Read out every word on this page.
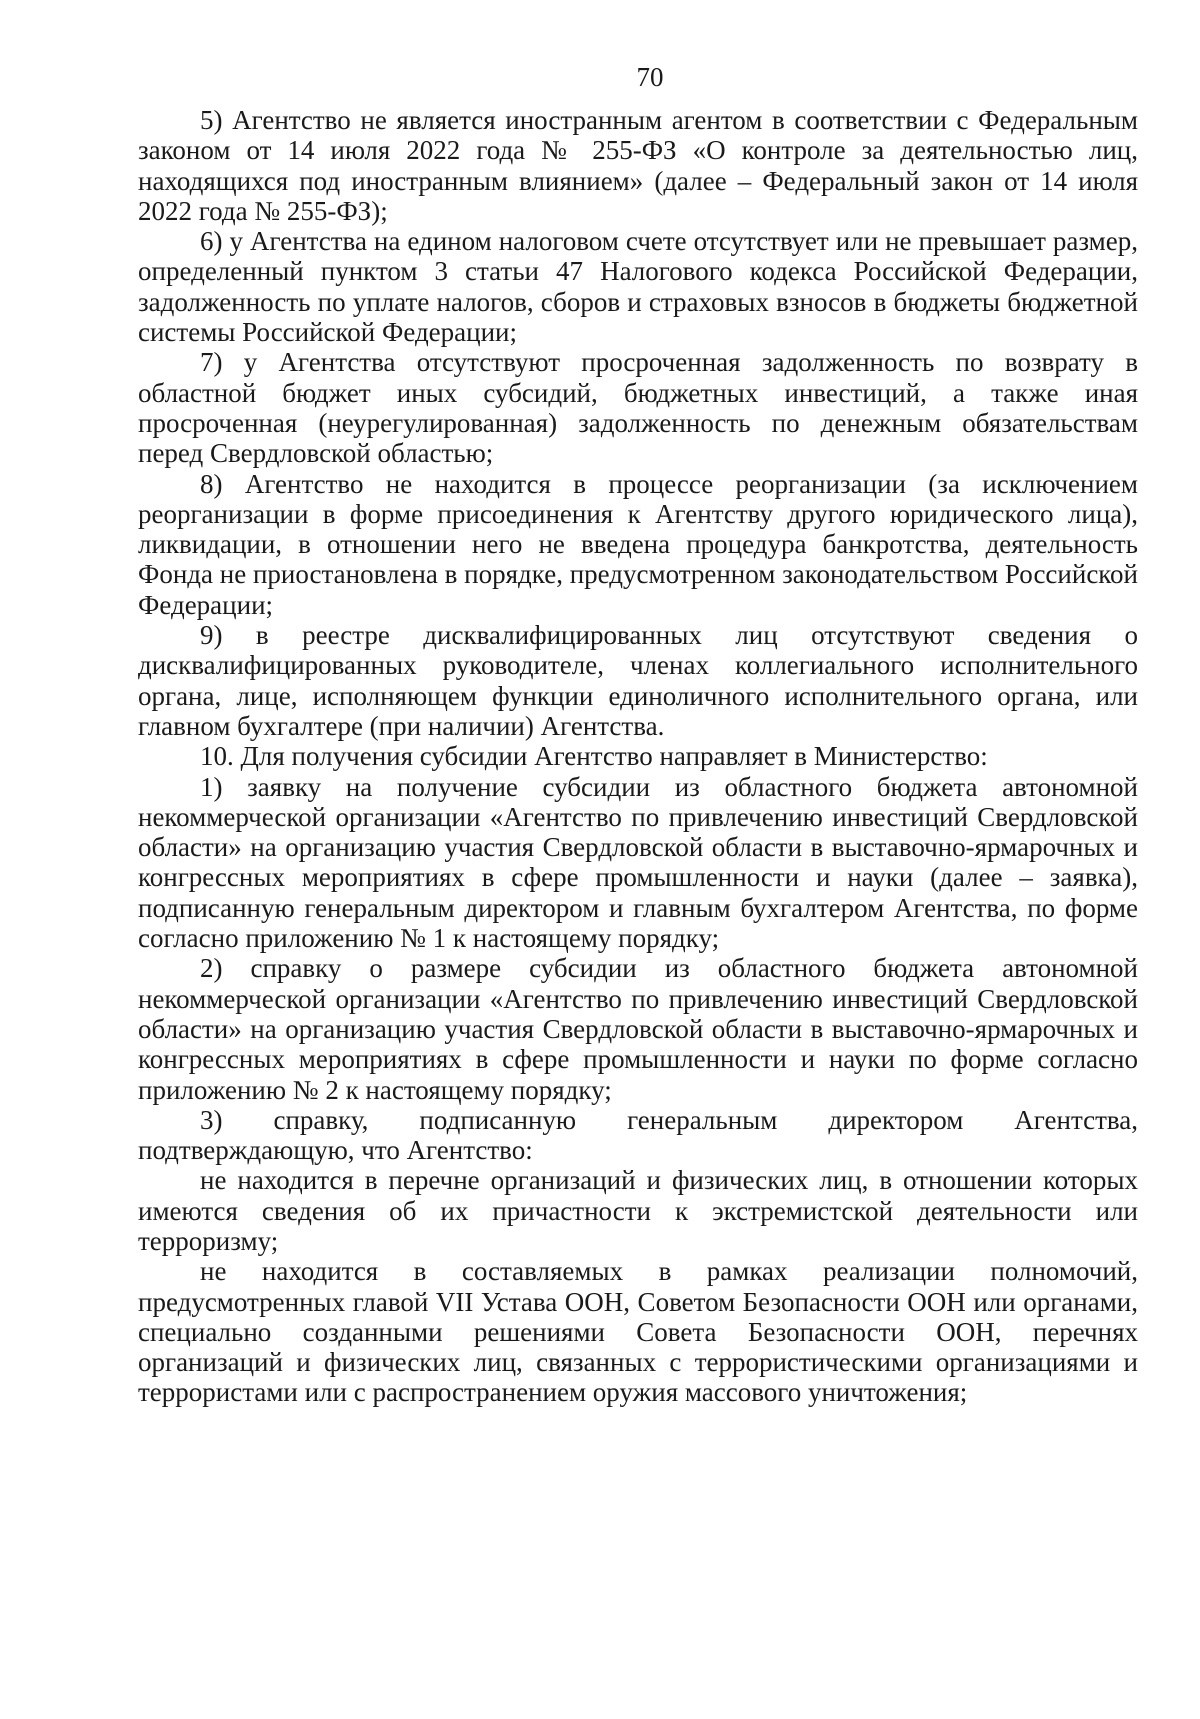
70

5) Агентство не является иностранным агентом в соответствии с Федеральным законом от 14 июля 2022 года № 255-ФЗ «О контроле за деятельностью лиц, находящихся под иностранным влиянием» (далее – Федеральный закон от 14 июля 2022 года № 255-ФЗ);

6) у Агентства на едином налоговом счете отсутствует или не превышает размер, определенный пунктом 3 статьи 47 Налогового кодекса Российской Федерации, задолженность по уплате налогов, сборов и страховых взносов в бюджеты бюджетной системы Российской Федерации;

7) у Агентства отсутствуют просроченная задолженность по возврату в областной бюджет иных субсидий, бюджетных инвестиций, а также иная просроченная (неурегулированная) задолженность по денежным обязательствам перед Свердловской областью;

8) Агентство не находится в процессе реорганизации (за исключением реорганизации в форме присоединения к Агентству другого юридического лица), ликвидации, в отношении него не введена процедура банкротства, деятельность Фонда не приостановлена в порядке, предусмотренном законодательством Российской Федерации;

9) в реестре дисквалифицированных лиц отсутствуют сведения о дисквалифицированных руководителе, членах коллегиального исполнительного органа, лице, исполняющем функции единоличного исполнительного органа, или главном бухгалтере (при наличии) Агентства.

10. Для получения субсидии Агентство направляет в Министерство:

1) заявку на получение субсидии из областного бюджета автономной некоммерческой организации «Агентство по привлечению инвестиций Свердловской области» на организацию участия Свердловской области в выставочно-ярмарочных и конгрессных мероприятиях в сфере промышленности и науки (далее – заявка), подписанную генеральным директором и главным бухгалтером Агентства, по форме согласно приложению № 1 к настоящему порядку;

2) справку о размере субсидии из областного бюджета автономной некоммерческой организации «Агентство по привлечению инвестиций Свердловской области» на организацию участия Свердловской области в выставочно-ярмарочных и конгрессных мероприятиях в сфере промышленности и науки по форме согласно приложению № 2 к настоящему порядку;

3) справку, подписанную генеральным директором Агентства, подтверждающую, что Агентство:

не находится в перечне организаций и физических лиц, в отношении которых имеются сведения об их причастности к экстремистской деятельности или терроризму;

не находится в составляемых в рамках реализации полномочий, предусмотренных главой VII Устава ООН, Советом Безопасности ООН или органами, специально созданными решениями Совета Безопасности ООН, перечнях организаций и физических лиц, связанных с террористическими организациями и террористами или с распространением оружия массового уничтожения;
